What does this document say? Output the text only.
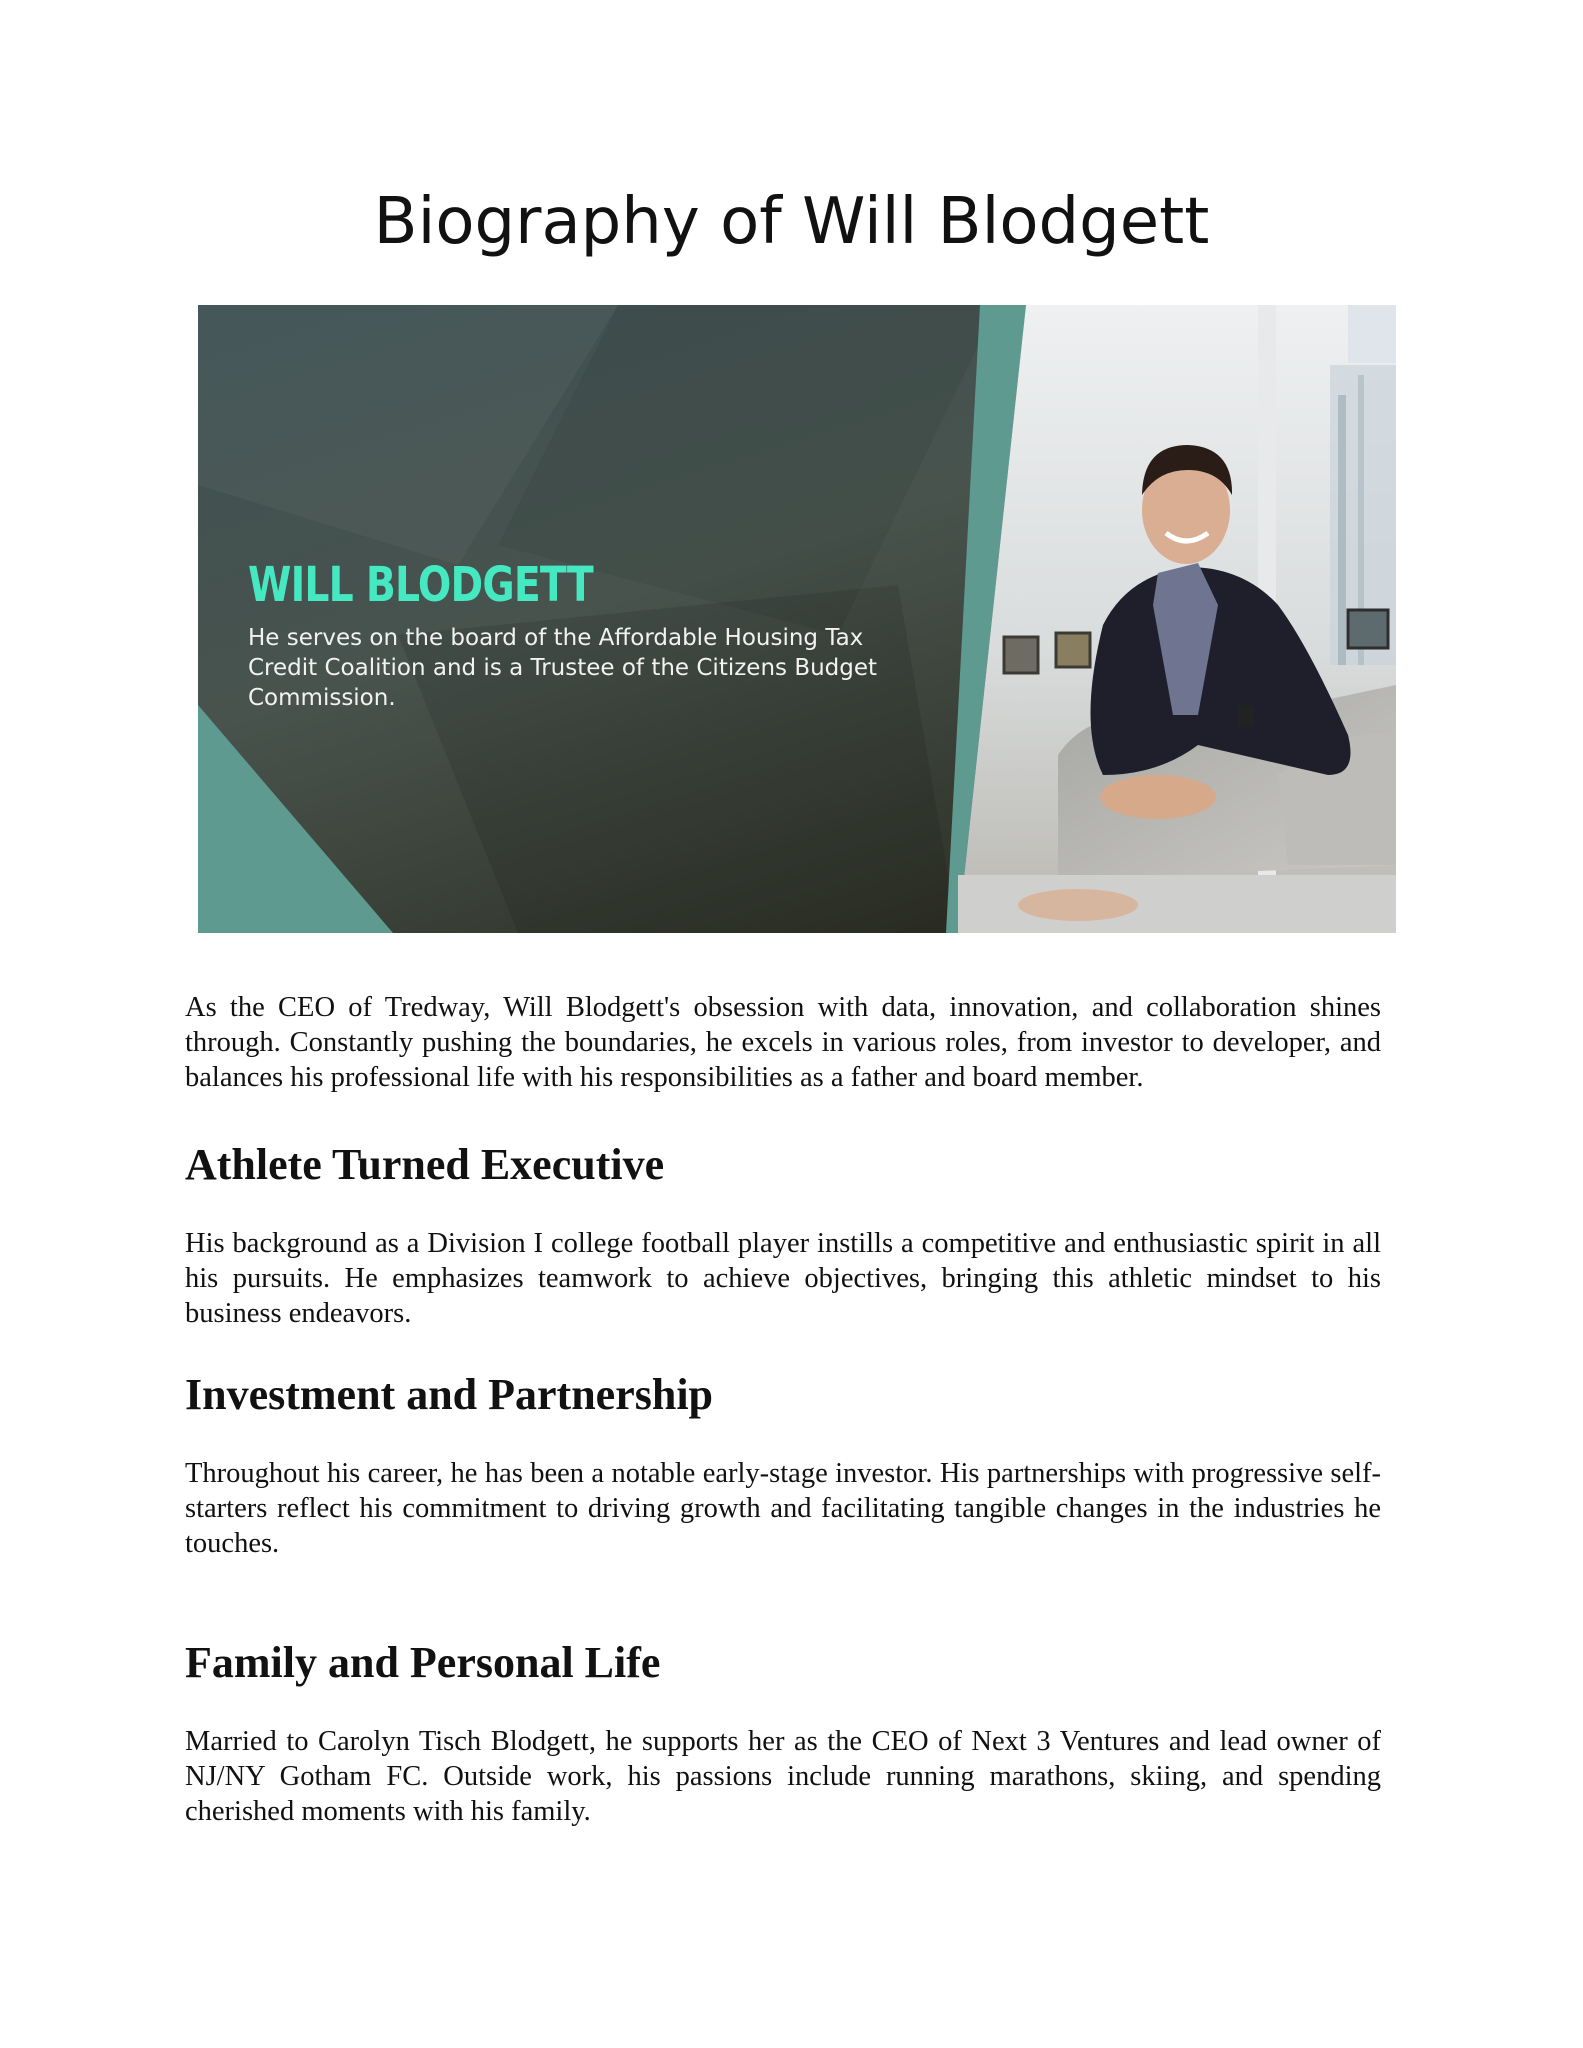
Biography of Will Blodgett
WILL BLODGETT

He serves on the board of the Affordable Housing Tax Credit Coalition and is a Trustee of the Citizens Budget Commission.

As the CEO of Tredway, Will Blodgett's obsession with data, innovation, and collaboration shines through. Constantly pushing the boundaries, he excels in various roles, from investor to developer, and balances his professional life with his responsibilities as a father and board member.

Athlete Turned Executive

His background as a Division I college football player instills a competitive and enthusiastic spirit in all his pursuits. He emphasizes teamwork to achieve objectives, bringing this athletic mindset to his business endeavors.

Investment and Partnership

Throughout his career, he has been a notable early-stage investor. His partnerships with progressive self-starters reflect his commitment to driving growth and facilitating tangible changes in the industries he touches.

Family and Personal Life

Married to Carolyn Tisch Blodgett, he supports her as the CEO of Next 3 Ventures and lead owner of NJ/NY Gotham FC. Outside work, his passions include running marathons, skiing, and spending cherished moments with his family.
